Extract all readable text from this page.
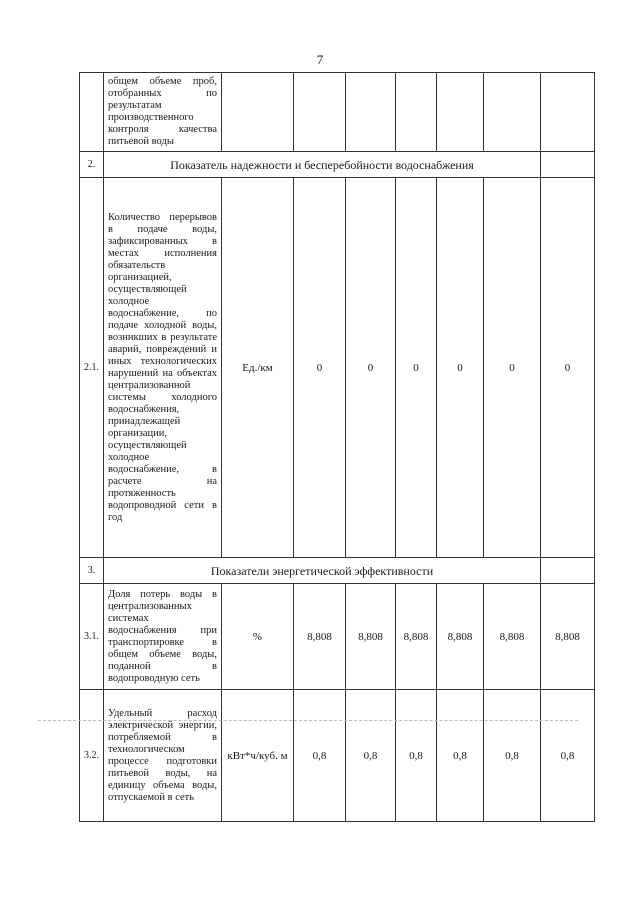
7
	общем объеме проб, отобранных по результатам производственного контроля качества питьевой воды							
2.	Показатель надежности и бесперебойности водоснабжения							
2.1.	Количество перерывов в подаче воды, зафиксированных в местах исполнения обязательств организацией, осуществляющей холодное водоснабжение, по подаче холодной воды, возникших в результате аварий, повреждений и иных технологических нарушений на объектах централизованной системы холодного водоснабжения, принадлежащей организации, осуществляющей холодное водоснабжение, в расчете на протяженность водопроводной сети в год	Ед./км	0	0	0	0	0	0
3.	Показатели энергетической эффективности							
3.1.	Доля потерь воды в централизованных системах водоснабжения при транспортировке в общем объеме воды, поданной в водопроводную сеть	%	8,808	8,808	8,808	8,808	8,808	8,808
3.2.	Удельный расход электрической энергии, потребляемой в технологическом процессе подготовки питьевой воды, на единицу объема воды, отпускаемой в сеть	кВт*ч/куб. м	0,8	0,8	0,8	0,8	0,8	0,8
